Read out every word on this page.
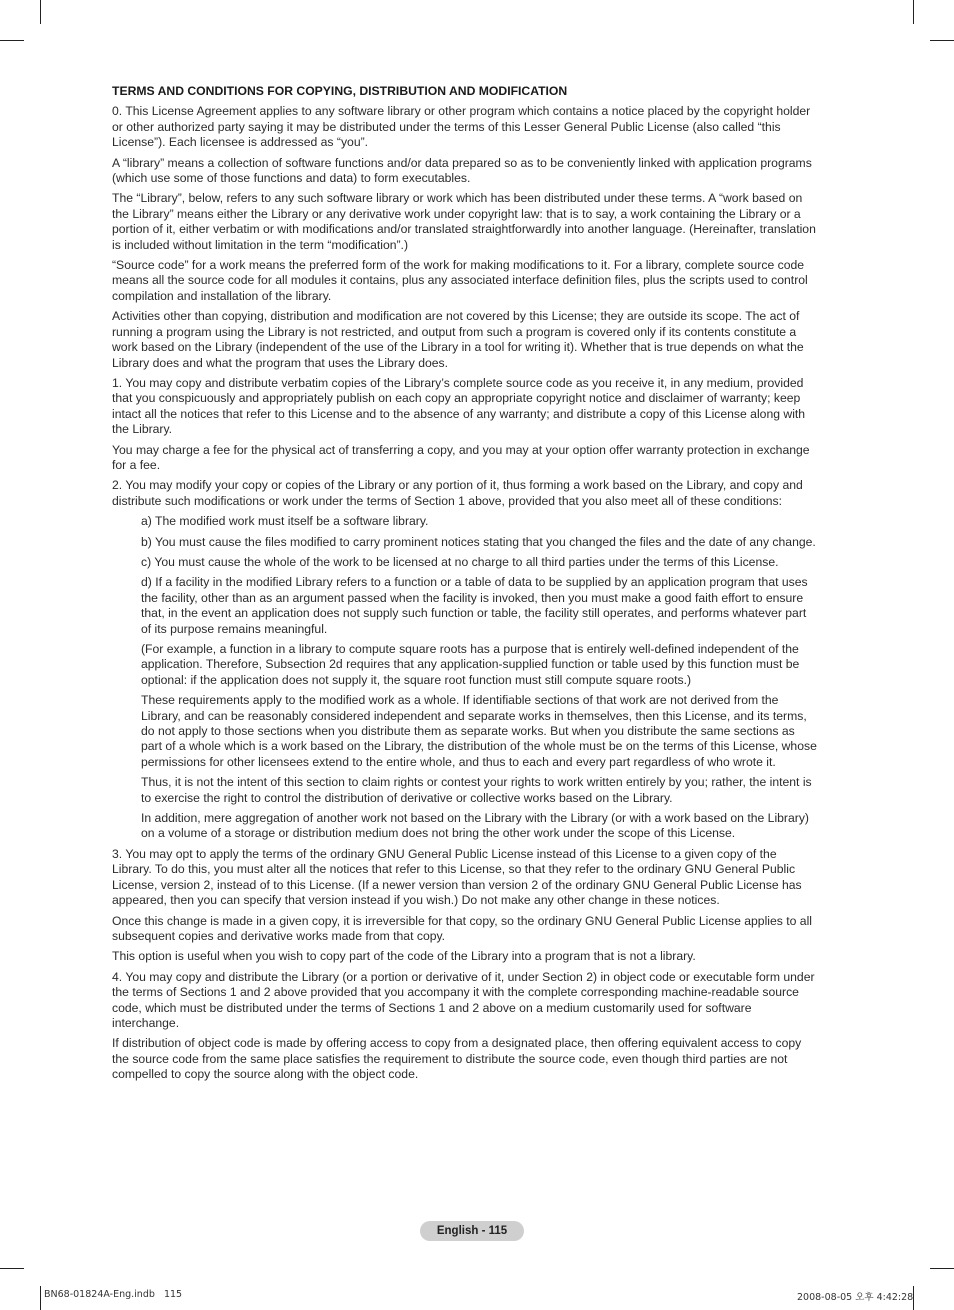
TERMS AND CONDITIONS FOR COPYING, DISTRIBUTION AND MODIFICATION

0. This License Agreement applies to any software library or other program which contains a notice placed by the copyright holder or other authorized party saying it may be distributed under the terms of this Lesser General Public License (also called “this License”). Each licensee is addressed as “you”.

A “library” means a collection of software functions and/or data prepared so as to be conveniently linked with application programs (which use some of those functions and data) to form executables.

The “Library”, below, refers to any such software library or work which has been distributed under these terms. A “work based on the Library” means either the Library or any derivative work under copyright law: that is to say, a work containing the Library or a portion of it, either verbatim or with modifications and/or translated straightforwardly into another language. (Hereinafter, translation is included without limitation in the term “modification”.)

“Source code” for a work means the preferred form of the work for making modifications to it. For a library, complete source code means all the source code for all modules it contains, plus any associated interface definition files, plus the scripts used to control compilation and installation of the library.

Activities other than copying, distribution and modification are not covered by this License; they are outside its scope. The act of running a program using the Library is not restricted, and output from such a program is covered only if its contents constitute a work based on the Library (independent of the use of the Library in a tool for writing it). Whether that is true depends on what the Library does and what the program that uses the Library does.

1. You may copy and distribute verbatim copies of the Library’s complete source code as you receive it, in any medium, provided that you conspicuously and appropriately publish on each copy an appropriate copyright notice and disclaimer of warranty; keep intact all the notices that refer to this License and to the absence of any warranty; and distribute a copy of this License along with the Library.

You may charge a fee for the physical act of transferring a copy, and you may at your option offer warranty protection in exchange for a fee.

2. You may modify your copy or copies of the Library or any portion of it, thus forming a work based on the Library, and copy and distribute such modifications or work under the terms of Section 1 above, provided that you also meet all of these conditions:

a) The modified work must itself be a software library.

b) You must cause the files modified to carry prominent notices stating that you changed the files and the date of any change.

c) You must cause the whole of the work to be licensed at no charge to all third parties under the terms of this License.

d) If a facility in the modified Library refers to a function or a table of data to be supplied by an application program that uses the facility, other than as an argument passed when the facility is invoked, then you must make a good faith effort to ensure that, in the event an application does not supply such function or table, the facility still operates, and performs whatever part of its purpose remains meaningful.

(For example, a function in a library to compute square roots has a purpose that is entirely well-defined independent of the application. Therefore, Subsection 2d requires that any application-supplied function or table used by this function must be optional: if the application does not supply it, the square root function must still compute square roots.)

These requirements apply to the modified work as a whole. If identifiable sections of that work are not derived from the Library, and can be reasonably considered independent and separate works in themselves, then this License, and its terms, do not apply to those sections when you distribute them as separate works. But when you distribute the same sections as part of a whole which is a work based on the Library, the distribution of the whole must be on the terms of this License, whose permissions for other licensees extend to the entire whole, and thus to each and every part regardless of who wrote it.

Thus, it is not the intent of this section to claim rights or contest your rights to work written entirely by you; rather, the intent is to exercise the right to control the distribution of derivative or collective works based on the Library.

In addition, mere aggregation of another work not based on the Library with the Library (or with a work based on the Library) on a volume of a storage or distribution medium does not bring the other work under the scope of this License.

3. You may opt to apply the terms of the ordinary GNU General Public License instead of this License to a given copy of the Library. To do this, you must alter all the notices that refer to this License, so that they refer to the ordinary GNU General Public License, version 2, instead of to this License. (If a newer version than version 2 of the ordinary GNU General Public License has appeared, then you can specify that version instead if you wish.) Do not make any other change in these notices.

Once this change is made in a given copy, it is irreversible for that copy, so the ordinary GNU General Public License applies to all subsequent copies and derivative works made from that copy.

This option is useful when you wish to copy part of the code of the Library into a program that is not a library.

4. You may copy and distribute the Library (or a portion or derivative of it, under Section 2) in object code or executable form under the terms of Sections 1 and 2 above provided that you accompany it with the complete corresponding machine-readable source code, which must be distributed under the terms of Sections 1 and 2 above on a medium customarily used for software interchange.

If distribution of object code is made by offering access to copy from a designated place, then offering equivalent access to copy the source code from the same place satisfies the requirement to distribute the source code, even though third parties are not compelled to copy the source along with the object code.

English - 115
BN68-01824A-Eng.indb 115	2008-08-05 오후 4:42:28
